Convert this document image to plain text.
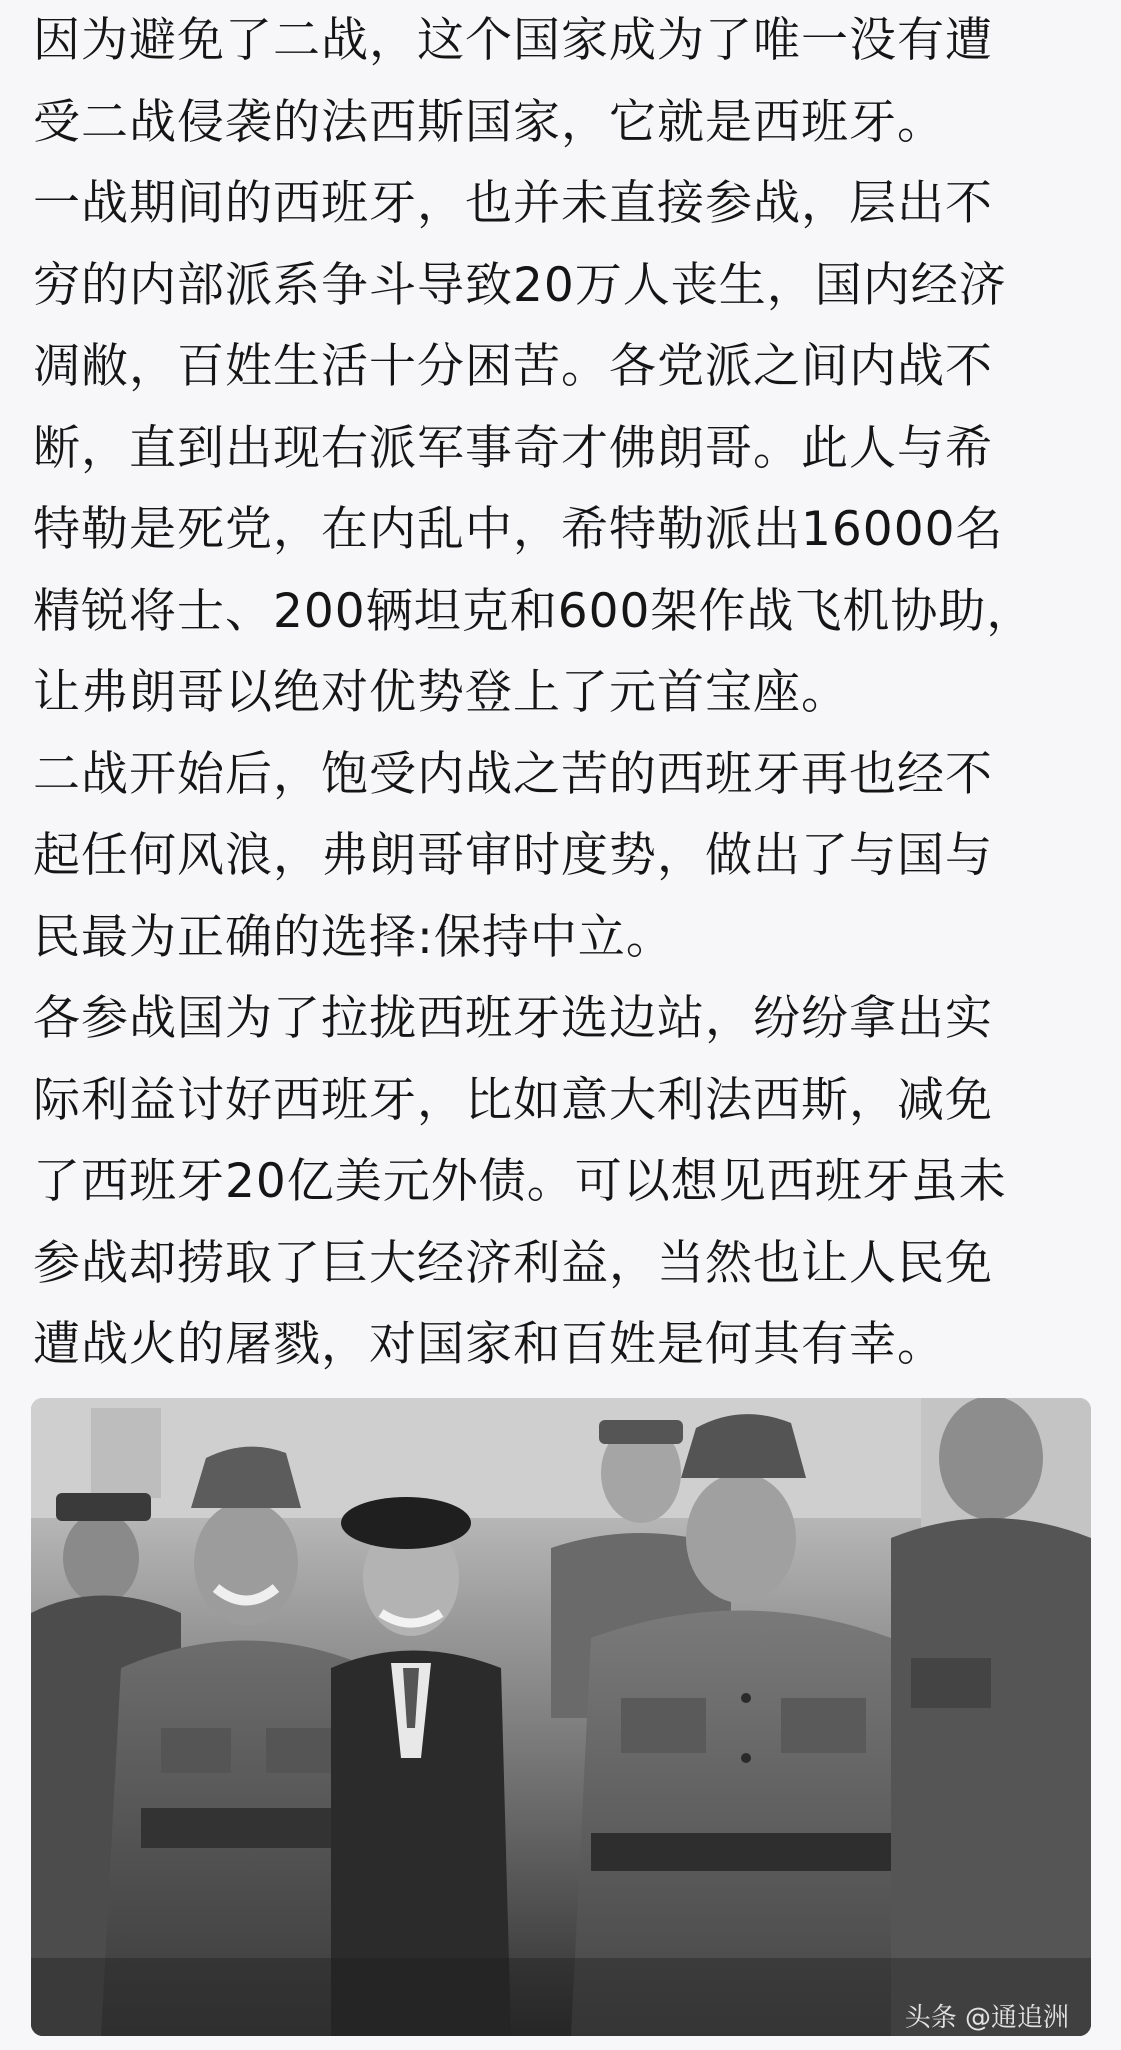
因为避免了二战，这个国家成为了唯一没有遭
受二战侵袭的法西斯国家，它就是西班牙。
一战期间的西班牙，也并未直接参战，层出不
穷的内部派系争斗导致20万人丧生，国内经济
凋敝，百姓生活十分困苦。各党派之间内战不
断，直到出现右派军事奇才佛朗哥。此人与希
特勒是死党，在内乱中，希特勒派出16000名
精锐将士、200辆坦克和600架作战飞机协助，
让弗朗哥以绝对优势登上了元首宝座。
二战开始后，饱受内战之苦的西班牙再也经不
起任何风浪，弗朗哥审时度势，做出了与国与
民最为正确的选择:保持中立。
各参战国为了拉拢西班牙选边站，纷纷拿出实
际利益讨好西班牙，比如意大利法西斯，减免
了西班牙20亿美元外债。可以想见西班牙虽未
参战却捞取了巨大经济利益，当然也让人民免
遭战火的屠戮，对国家和百姓是何其有幸。
头条 @通追洲
